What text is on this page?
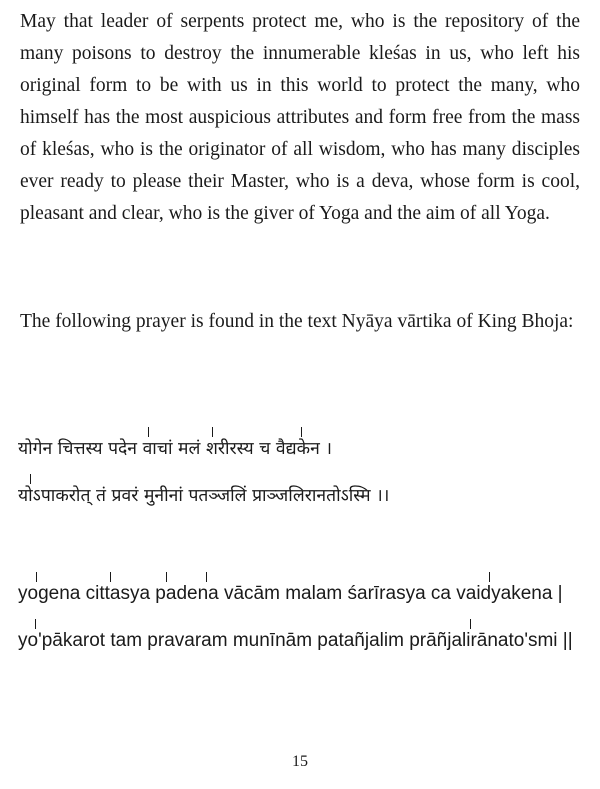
May that leader of serpents protect me, who is the repository of the many poisons to destroy the innumerable kleśas in us, who left his original form to be with us in this world to protect the many, who himself has the most auspicious attributes and form free from the mass of kleśas, who is the originator of all wisdom, who has many disciples ever ready to please their Master, who is a deva, whose form is cool, pleasant and clear, who is the giver of Yoga and the aim of all Yoga.

The following prayer is found in the text Nyāya vārtika of King Bhoja:

योगेन चित्तस्य पदेन वाचां मलं शरीरस्य च वैद्यकेन ।
योऽपाकरोत् तं प्रवरं मुनीनां पतञ्जलिं प्राञ्जलिरानतोऽस्मि ।।
yogena cittasya padena vācām malam śarīrasya ca vaidyakena |
yo'pākarot tam pravaram munīnām patañjalim prāñjalirānato'smi ||
15
